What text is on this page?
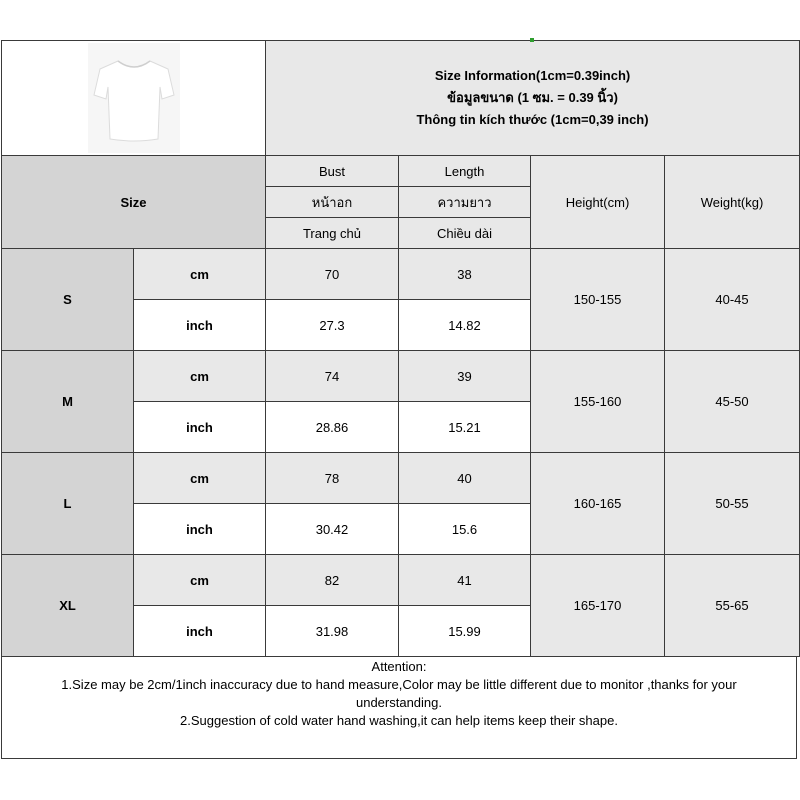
Size Information(1cm=0.39inch)
ข้อมูลขนาด (1 ซม. = 0.39 นิ้ว)
Thông tin kích thước (1cm=0,39 inch)			

Size		Bust	Length	Height(cm)	Weight(kg)
		หน้าอก	ความยาว		
		Trang chủ	Chiều dài		
S	cm	70	38	150-155	40-45
	inch	27.3	14.82		
M	cm	74	39	155-160	45-50
	inch	28.86	15.21		
L	cm	78	40	160-165	50-55
	inch	30.42	15.6		
XL	cm	82	41	165-170	55-65
	inch	31.98	15.99		
Attention:
1.Size may be 2cm/1inch inaccuracy due to hand measure,Color may be little different due to monitor ,thanks for your understanding.
2.Suggestion of cold water hand washing,it can help items keep their shape.
